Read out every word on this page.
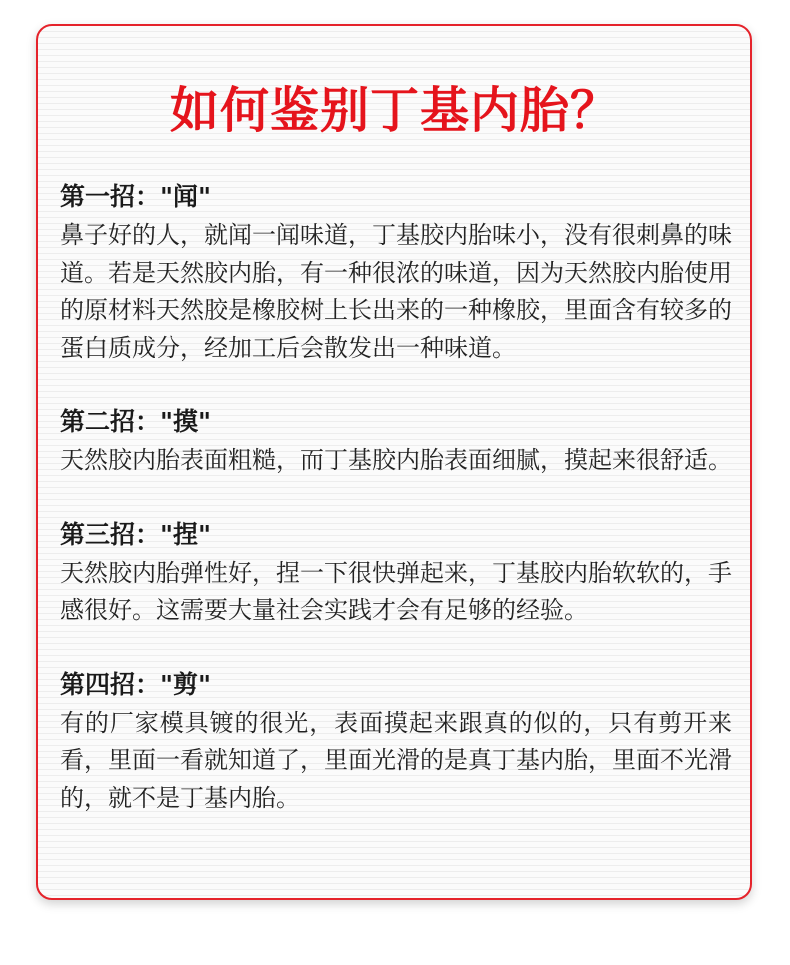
如何鉴别丁基内胎？
第一招："闻"

鼻子好的人，就闻一闻味道，丁基胶内胎味小，没有很刺鼻的味道。若是天然胶内胎，有一种很浓的味道，因为天然胶内胎使用的原材料天然胶是橡胶树上长出来的一种橡胶，里面含有较多的蛋白质成分，经加工后会散发出一种味道。

第二招："摸"

天然胶内胎表面粗糙，而丁基胶内胎表面细腻，摸起来很舒适。

第三招："捏"

天然胶内胎弹性好，捏一下很快弹起来，丁基胶内胎软软的，手感很好。这需要大量社会实践才会有足够的经验。

第四招："剪"

有的厂家模具镀的很光，表面摸起来跟真的似的，只有剪开来看，里面一看就知道了，里面光滑的是真丁基内胎，里面不光滑的，就不是丁基内胎。
